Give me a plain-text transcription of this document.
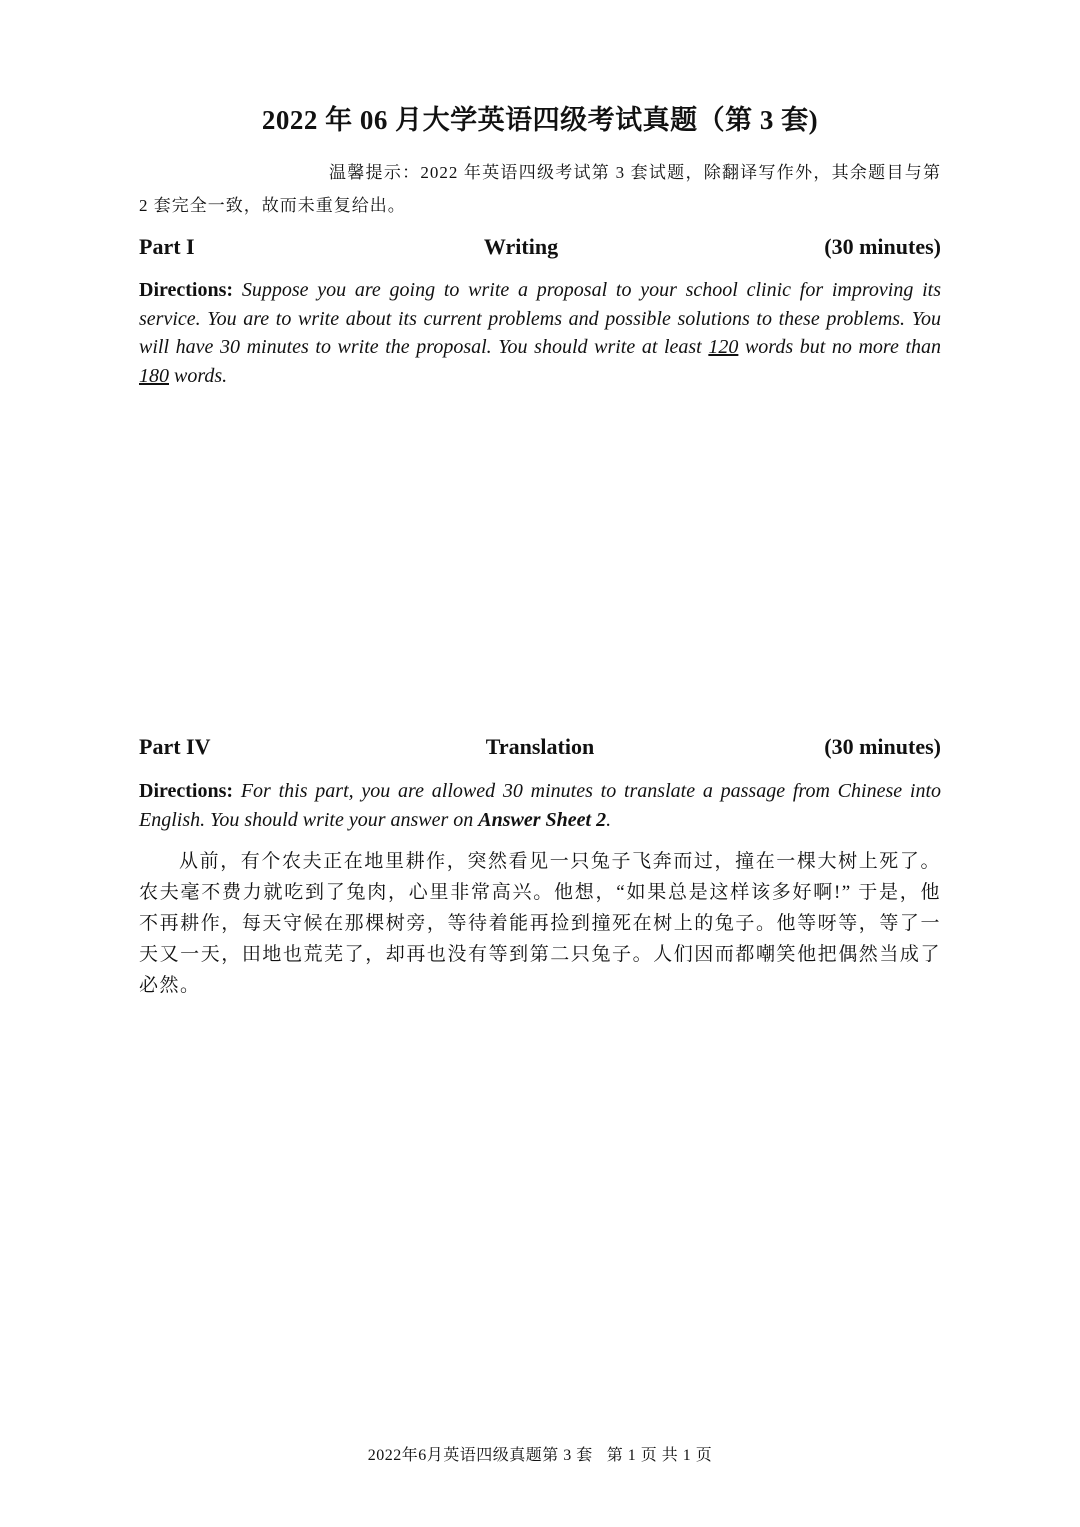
2022 年 06 月大学英语四级考试真题（第 3 套)
温馨提示：2022 年英语四级考试第 3 套试题，除翻译写作外，其余题目与第 2 套完全一致，故而未重复给出。
Part I	Writing	(30 minutes)
Directions: Suppose you are going to write a proposal to your school clinic for improving its service. You are to write about its current problems and possible solutions to these problems. You will have 30 minutes to write the proposal. You should write at least 120 words but no more than 180 words.
Part IV	Translation	(30 minutes)
Directions: For this part, you are allowed 30 minutes to translate a passage from Chinese into English. You should write your answer on Answer Sheet 2.
从前，有个农夫正在地里耕作，突然看见一只兔子飞奔而过，撞在一棵大树上死了。农夫毫不费力就吃到了兔肉，心里非常高兴。他想，“如果总是这样该多好啊!” 于是，他不再耕作，每天守候在那棵树旁，等待着能再捡到撞死在树上的兔子。他等呀等，等了一天又一天，田地也荒芜了，却再也没有等到第二只兔子。人们因而都嘲笑他把偶然当成了必然。
2022年6月英语四级真题第 3 套 第 1 页 共 1 页
